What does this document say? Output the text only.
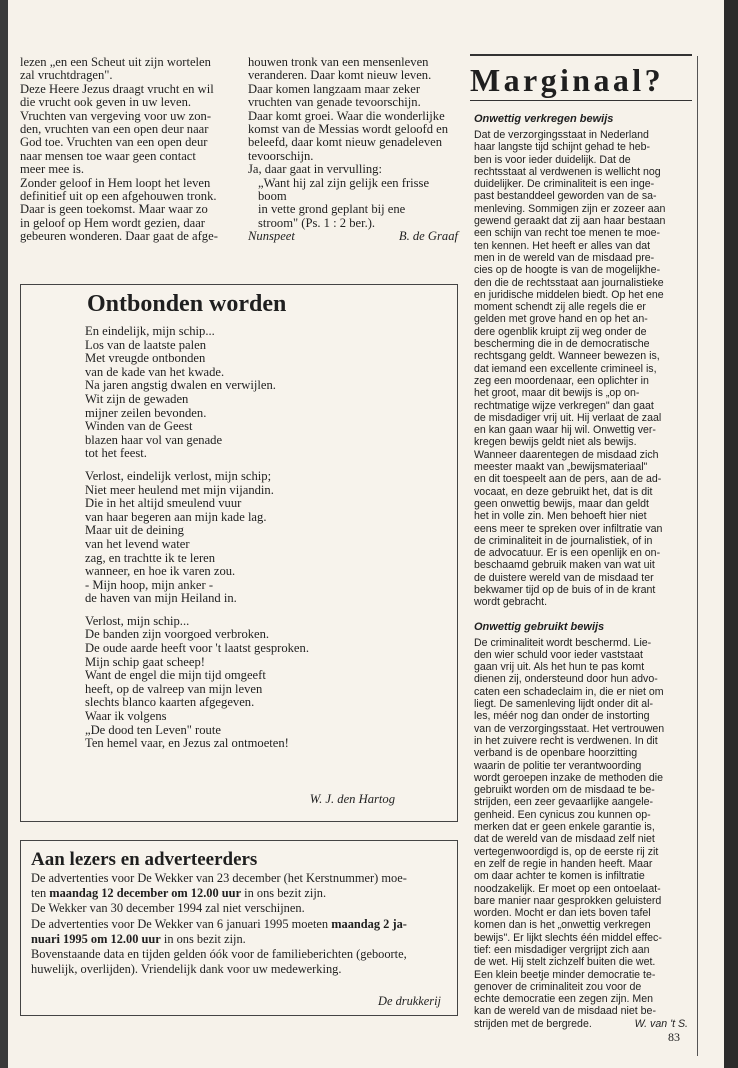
lezen „en een Scheut uit zijn wortelen
zal vruchtdragen".
Deze Heere Jezus draagt vrucht en wil
die vrucht ook geven in uw leven.
Vruchten van vergeving voor uw zon-
den, vruchten van een open deur naar
God toe. Vruchten van een open deur
naar mensen toe waar geen contact
meer mee is.
Zonder geloof in Hem loopt het leven
definitief uit op een afgehouwen tronk.
Daar is geen toekomst. Maar waar zo
in geloof op Hem wordt gezien, daar
gebeuren wonderen. Daar gaat de afge-
houwen tronk van een mensenleven
veranderen. Daar komt nieuw leven.
Daar komen langzaam maar zeker
vruchten van genade tevoorschijn.
Daar komt groei. Waar die wonderlijke
komst van de Messias wordt geloofd en
beleefd, daar komt nieuw genadeleven
tevoorschijn.
Ja, daar gaat in vervulling:
„Want hij zal zijn gelijk een frisse
boom
in vette grond geplant bij ene
stroom" (Ps. 1 : 2 ber.).
Nunspeet	B. de Graaf
Ontbonden worden
En eindelijk, mijn schip...
Los van de laatste palen
Met vreugde ontbonden
van de kade van het kwade.
Na jaren angstig dwalen en verwijlen.
Wit zijn de gewaden
mijner zeilen bevonden.
Winden van de Geest
blazen haar vol van genade
tot het feest.
Verlost, eindelijk verlost, mijn schip;
Niet meer heulend met mijn vijandin.
Die in het altijd smeulend vuur
van haar begeren aan mijn kade lag.
Maar uit de deining
van het levend water
zag, en trachtte ik te leren
wanneer, en hoe ik varen zou.
- Mijn hoop, mijn anker -
de haven van mijn Heiland in.
Verlost, mijn schip...
De banden zijn voorgoed verbroken.
De oude aarde heeft voor 't laatst gesproken.
Mijn schip gaat scheep!
Want de engel die mijn tijd omgeeft
heeft, op de valreep van mijn leven
slechts blanco kaarten afgegeven.
Waar ik volgens
„De dood ten Leven" route
Ten hemel vaar, en Jezus zal ontmoeten!
W. J. den Hartog
Aan lezers en adverteerders
De advertenties voor De Wekker van 23 december (het Kerstnummer) moe-
ten maandag 12 december om 12.00 uur in ons bezit zijn.
De Wekker van 30 december 1994 zal niet verschijnen.
De advertenties voor De Wekker van 6 januari 1995 moeten maandag 2 ja-
nuari 1995 om 12.00 uur in ons bezit zijn.
Bovenstaande data en tijden gelden óók voor de familieberichten (geboorte,
huwelijk, overlijden). Vriendelijk dank voor uw medewerking.
De drukkerij
Marginaal?
Onwettig verkregen bewijs
Dat de verzorgingsstaat in Nederland
haar langste tijd schijnt gehad te heb-
ben is voor ieder duidelijk. Dat de
rechtsstaat al verdwenen is wellicht nog
duidelijker. De criminaliteit is een inge-
past bestanddeel geworden van de sa-
menleving. Sommigen zijn er zozeer aan
gewend geraakt dat zij aan haar bestaan
een schijn van recht toe menen te moe-
ten kennen. Het heeft er alles van dat
men in de wereld van de misdaad pre-
cies op de hoogte is van de mogelijkhe-
den die de rechtsstaat aan journalistieke
en juridische middelen biedt. Op het ene
moment schendt zij alle regels die er
gelden met grove hand en op het an-
dere ogenblik kruipt zij weg onder de
bescherming die in de democratische
rechtsgang geldt. Wanneer bewezen is,
dat iemand een excellente crimineel is,
zeg een moordenaar, een oplichter in
het groot, maar dit bewijs is „op on-
rechtmatige wijze verkregen" dan gaat
de misdadiger vrij uit. Hij verlaat de zaal
en kan gaan waar hij wil. Onwettig ver-
kregen bewijs geldt niet als bewijs.
Wanneer daarentegen de misdaad zich
meester maakt van „bewijsmateriaal"
en dit toespeelt aan de pers, aan de ad-
vocaat, en deze gebruikt het, dat is dit
geen onwettig bewijs, maar dan geldt
het in volle zin. Men behoeft hier niet
eens meer te spreken over infiltratie van
de criminaliteit in de journalistiek, of in
de advocatuur. Er is een openlijk en on-
beschaamd gebruik maken van wat uit
de duistere wereld van de misdaad ter
bekwamer tijd op de buis of in de krant
wordt gebracht.
Onwettig gebruikt bewijs
De criminaliteit wordt beschermd. Lie-
den wier schuld voor ieder vaststaat
gaan vrij uit. Als het hun te pas komt
dienen zij, ondersteund door hun advo-
caten een schadeclaim in, die er niet om
liegt. De samenleving lijdt onder dit al-
les, méér nog dan onder de instorting
van de verzorgingsstaat. Het vertrouwen
in het zuivere recht is verdwenen. In dit
verband is de openbare hoorzitting
waarin de politie ter verantwoording
wordt geroepen inzake de methoden die
gebruikt worden om de misdaad te be-
strijden, een zeer gevaarlijke aangele-
genheid. Een cynicus zou kunnen op-
merken dat er geen enkele garantie is,
dat de wereld van de misdaad zelf niet
vertegenwoordigd is, op de eerste rij zit
en zelf de regie in handen heeft. Maar
om daar achter te komen is infiltratie
noodzakelijk. Er moet op een ontoelaat-
bare manier naar gesprokken geluisterd
worden. Mocht er dan iets boven tafel
komen dan is het „onwettig verkregen
bewijs". Er lijkt slechts één middel effec-
tief: een misdadiger vergrijpt zich aan
de wet. Hij stelt zichzelf buiten die wet.
Een klein beetje minder democratie te-
genover de criminaliteit zou voor de
echte democratie een zegen zijn. Men
kan de wereld van de misdaad niet be-
strijden met de bergrede.	W. van 't S.
83
